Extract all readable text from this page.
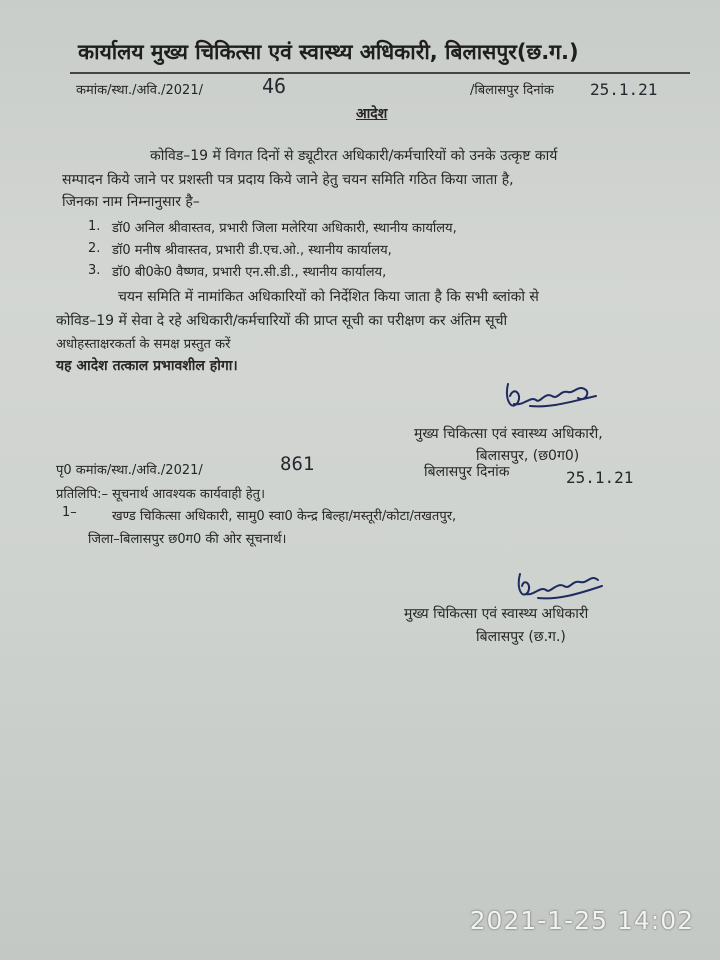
कार्यालय मुख्य चिकित्सा एवं स्वास्थ्य अधिकारी, बिलासपुर(छ.ग.)
कमांक/स्था./अवि./2021/	46	/बिलासपुर दिनांक 25.1.21
आदेश
कोविड–19 में विगत दिनों से ड्यूटीरत अधिकारी/कर्मचारियों को उनके उत्कृष्ट कार्य
सम्पादन किये जाने पर प्रशस्ती पत्र प्रदाय किये जाने हेतु चयन समिति गठित किया जाता है,
जिनका नाम निम्नानुसार है–
1. डॉ0 अनिल श्रीवास्तव, प्रभारी जिला मलेरिया अधिकारी, स्थानीय कार्यालय,
2. डॉ0 मनीष श्रीवास्तव, प्रभारी डी.एच.ओ., स्थानीय कार्यालय,
3. डॉ0 बी0के0 वैष्णव, प्रभारी एन.सी.डी., स्थानीय कार्यालय,
चयन समिति में नामांकित अधिकारियों को निर्देशित किया जाता है कि सभी ब्लांको से
कोविड–19 में सेवा दे रहे अधिकारी/कर्मचारियों की प्राप्त सूची का परीक्षण कर अंतिम सूची
अधोहस्ताक्षरकर्ता के समक्ष प्रस्तुत करें
यह आदेश तत्काल प्रभावशील होगा।
मुख्य चिकित्सा एवं स्वास्थ्य अधिकारी,
बिलासपुर, (छ0ग0)
पृ0 कमांक/स्था./अवि./2021/	861	बिलासपुर दिनांक	25.1.21
प्रतिलिपि:– सूचनार्थ आवश्यक कार्यवाही हेतु।
1–	खण्ड चिकित्सा अधिकारी, सामु0 स्वा0 केन्द्र बिल्हा/मस्तूरी/कोटा/तखतपुर,
जिला–बिलासपुर छ0ग0 की ओर सूचनार्थ।
मुख्य चिकित्सा एवं स्वास्थ्य अधिकारी
बिलासपुर (छ.ग.)
2021-1-25 14:02
